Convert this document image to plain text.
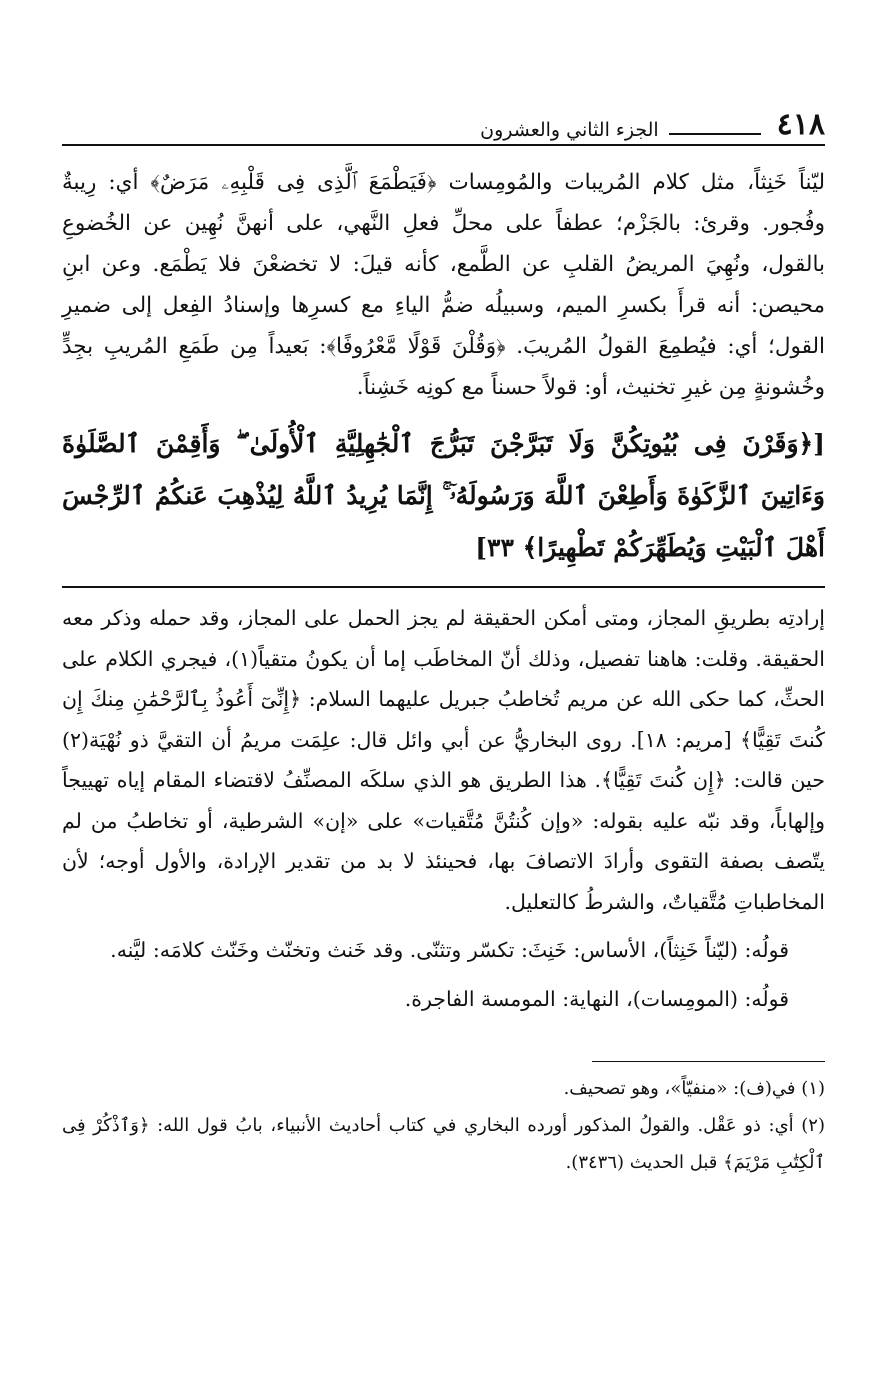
٤١٨
الجزء الثاني والعشرون

ليّناً خَنِثاً، مثل كلام المُريبات والمُومِسات ﴿فَيَطْمَعَ ٱلَّذِى فِى قَلْبِهِۦ مَرَضٌ﴾ أي: رِيبةٌ وفُجور. وقرئ: بالجَزْم؛ عطفاً على محلِّ فعلِ النَّهي، على أنهنَّ نُهِين عن الخُضوعِ بالقول، ونُهِيَ المريضُ القلبِ عن الطَّمع، كأنه قيلَ: لا تخضعْنَ فلا يَطْمَع. وعن ابنِ محيصن: أنه قرأَ بكسرِ الميم، وسبيلُه ضمُّ الياءِ مع كسرِها وإسنادُ الفِعل إلى ضميرِ القول؛ أي: فيُطمِعَ القولُ المُريبَ. ﴿وَقُلْنَ قَوْلًا مَّعْرُوفًا﴾: بَعيداً مِن طَمَعِ المُريبِ بجِدٍّ وخُشونةٍ مِن غيرِ تخنيث، أو: قولاً حسناً مع كونِه خَشِناً.

[﴿وَقَرْنَ فِى بُيُوتِكُنَّ وَلَا تَبَرَّجْنَ تَبَرُّجَ ٱلْجَٰهِلِيَّةِ ٱلْأُولَىٰ ۖ وَأَقِمْنَ ٱلصَّلَوٰةَ وَءَاتِينَ ٱلزَّكَوٰةَ وَأَطِعْنَ ٱللَّهَ وَرَسُولَهُۥٓ ۚ إِنَّمَا يُرِيدُ ٱللَّهُ لِيُذْهِبَ عَنكُمُ ٱلرِّجْسَ أَهْلَ ٱلْبَيْتِ وَيُطَهِّرَكُمْ تَطْهِيرًا﴾ ٣٣]

إرادتِه بطريقِ المجاز، ومتى أمكن الحقيقة لم يجز الحمل على المجاز، وقد حمله وذكر معه الحقيقة. وقلت: هاهنا تفصيل، وذلك أنّ المخاطَب إما أن يكونُ متقياً(١)، فيجري الكلام على الحثِّ، كما حكى الله عن مريم تُخاطبُ جبريل عليهما السلام: ﴿إِنِّىٓ أَعُوذُ بِٱلرَّحْمَٰنِ مِنكَ إِن كُنتَ تَقِيًّا﴾ [مريم: ١٨]. روى البخاريُّ عن أبي وائل قال: علِمَت مريمُ أن التقيَّ ذو نُهْيَة(٢) حين قالت: ﴿إِن كُنتَ تَقِيًّا﴾. هذا الطريق هو الذي سلكَه المصنِّفُ لاقتضاء المقام إياه تهييجاً وإلهاباً، وقد نبّه عليه بقوله: «وإن كُنتُنَّ مُتَّقيات» على «إن» الشرطية، أو تخاطبُ من لم يتّصف بصفة التقوى وأرادَ الاتصافَ بها، فحينئذ لا بد من تقدير الإرادة، والأول أوجه؛ لأن المخاطباتِ مُتَّقياتٌ، والشرطُ كالتعليل.

قولُه: (ليّناً خَنِثاً)، الأساس: خَنِثَ: تكسّر وتثنّى. وقد خَنث وتخنّث وخَنّث كلامَه: ليَّنه.

قولُه: (المومِسات)، النهاية: المومسة الفاجرة.

(١) في(ف): «منفيّاً»، وهو تصحيف.

(٢) أي: ذو عَقْل. والقولُ المذكور أورده البخاري في كتاب أحاديث الأنبياء، بابُ قول الله: ﴿وَٱذْكُرْ فِى ٱلْكِتَٰبِ مَرْيَمَ﴾ قبل الحديث (٣٤٣٦).
